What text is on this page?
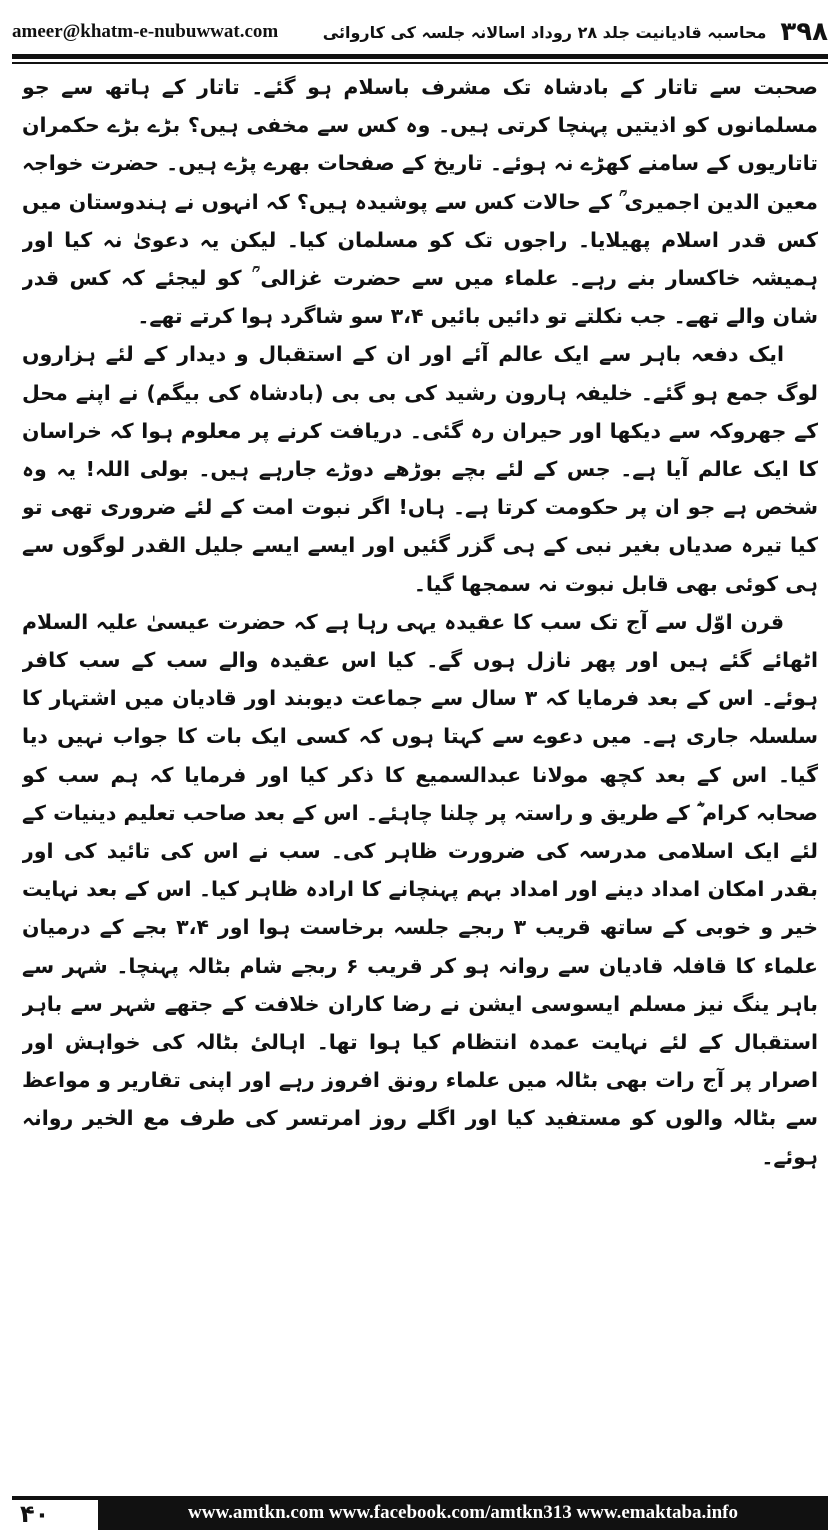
ameer@khatm-e-nubuwwat.com	محاسبہ قادیانیت جلد ۲۸ روداد اسالانہ جلسہ کی کاروائی ۳۹۸

صحبت سے تاتار کے بادشاہ تک مشرف باسلام ہو گئے۔ تاتار کے ہاتھ سے جو مسلمانوں کو اذیتیں پہنچا کرتی ہیں۔ وہ کس سے مخفی ہیں؟ بڑے بڑے حکمران تاتاریوں کے سامنے کھڑے نہ ہوئے۔ تاریخ کے صفحات بھرے پڑے ہیں۔ حضرت خواجہ معین الدین اجمیری ؒ کے حالات کس سے پوشیدہ ہیں؟ کہ انہوں نے ہندوستان میں کس قدر اسلام پھیلایا۔ راجوں تک کو مسلمان کیا۔ لیکن یہ دعویٰ نہ کیا اور ہمیشہ خاکسار بنے رہے۔ علماء میں سے حضرت غزالی ؒ کو لیجئے کہ کس قدر شان والے تھے۔ جب نکلتے تو دائیں بائیں ۳،۴ سو شاگرد ہوا کرتے تھے۔

ایک دفعہ باہر سے ایک عالم آئے اور ان کے استقبال و دیدار کے لئے ہزاروں لوگ جمع ہو گئے۔ خلیفہ ہارون رشید کی بی بی (بادشاہ کی بیگم) نے اپنے محل کے جھروکہ سے دیکھا اور حیران رہ گئی۔ دریافت کرنے پر معلوم ہوا کہ خراسان کا ایک عالم آیا ہے۔ جس کے لئے بچے بوڑھے دوڑے جارہے ہیں۔ بولی اللہ! یہ وہ شخص ہے جو ان پر حکومت کرتا ہے۔ ہاں! اگر نبوت امت کے لئے ضروری تھی تو کیا تیرہ صدیاں بغیر نبی کے ہی گزر گئیں اور ایسے ایسے جلیل القدر لوگوں سے ہی کوئی بھی قابل نبوت نہ سمجھا گیا۔

قرن اوّل سے آج تک سب کا عقیدہ یہی رہا ہے کہ حضرت عیسیٰ علیہ السلام اٹھائے گئے ہیں اور پھر نازل ہوں گے۔ کیا اس عقیدہ والے سب کے سب کافر ہوئے۔ اس کے بعد فرمایا کہ ۳ سال سے جماعت دیوبند اور قادیان میں اشتہار کا سلسلہ جاری ہے۔ میں دعوے سے کہتا ہوں کہ کسی ایک بات کا جواب نہیں دیا گیا۔ اس کے بعد کچھ مولانا عبدالسمیع کا ذکر کیا اور فرمایا کہ ہم سب کو صحابہ کرام ؓ کے طریق و راستہ پر چلنا چاہئے۔ اس کے بعد صاحب تعلیم دینیات کے لئے ایک اسلامی مدرسہ کی ضرورت ظاہر کی۔ سب نے اس کی تائید کی اور بقدر امکان امداد دینے اور امداد بہم پہنچانے کا ارادہ ظاہر کیا۔ اس کے بعد نہایت خیر و خوبی کے ساتھ قریب ۳ ربجے جلسہ برخاست ہوا اور ۳،۴ بجے کے درمیان علماء کا قافلہ قادیان سے روانہ ہو کر قریب ۶ ربجے شام بٹالہ پہنچا۔ شہر سے باہر ینگ نیز مسلم ایسوسی ایشن نے رضا کاران خلافت کے جتھے شہر سے باہر استقبال کے لئے نہایت عمدہ انتظام کیا ہوا تھا۔ اہالیٔ بٹالہ کی خواہش اور اصرار پر آج رات بھی بٹالہ میں علماء رونق افروز رہے اور اپنی تقاریر و مواعظ سے بٹالہ والوں کو مستفید کیا اور اگلے روز امرتسر کی طرف مع الخیر روانہ ہوئے۔

۴۰	www.amtkn.com www.facebook.com/amtkn313 www.emaktaba.info
